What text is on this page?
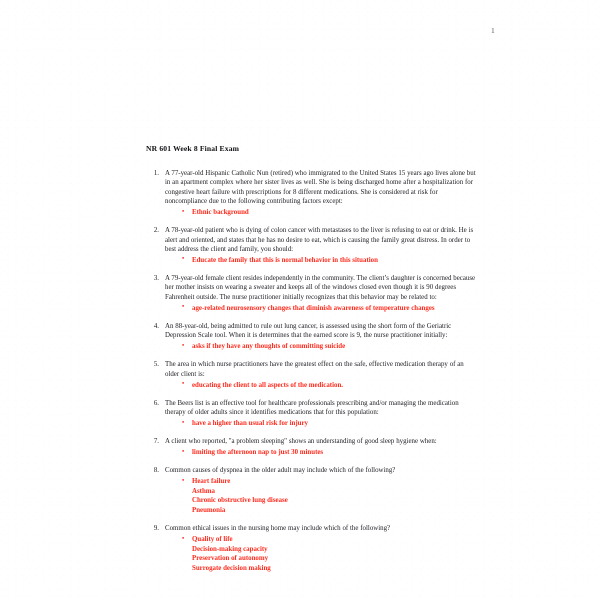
1
NR 601 Week 8 Final Exam

A 77-year-old Hispanic Catholic Nun (retired) who immigrated to the United States 15 years ago lives alone but in an apartment complex where her sister lives as well. She is being discharged home after a hospitalization for congestive heart failure with prescriptions for 8 different medications. She is considered at risk for noncompliance due to the following contributing factors except:

• Ethnic background

A 78-year-old patient who is dying of colon cancer with metastases to the liver is refusing to eat or drink. He is alert and oriented, and states that he has no desire to eat, which is causing the family great distress. In order to best address the client and family, you should:

• Educate the family that this is normal behavior in this situation

A 79-year-old female client resides independently in the community. The client’s daughter is concerned because her mother insists on wearing a sweater and keeps all of the windows closed even though it is 90 degrees Fahrenheit outside. The nurse practitioner initially recognizes that this behavior may be related to:

• age-related neurosensory changes that diminish awareness of temperature changes

An 88-year-old, being admitted to rule out lung cancer, is assessed using the short form of the Geriatric Depression Scale tool. When it is determines that the earned score is 9, the nurse practitioner initially:

• asks if they have any thoughts of committing suicide

The area in which nurse practitioners have the greatest effect on the safe, effective medication therapy of an older client is:

• educating the client to all aspects of the medication.

The Beers list is an effective tool for healthcare professionals prescribing and/or managing the medication therapy of older adults since it identifies medications that for this population:

• have a higher than usual risk for injury

A client who reported, "a problem sleeping" shows an understanding of good sleep hygiene when:

• limiting the afternoon nap to just 30 minutes

Common causes of dyspnea in the older adult may include which of the following?

• Heart failure
Asthma
Chronic obstructive lung disease
Pneumonia

Common ethical issues in the nursing home may include which of the following?

• Quality of life
Decision-making capacity
Preservation of autonomy
Surrogate decision making
